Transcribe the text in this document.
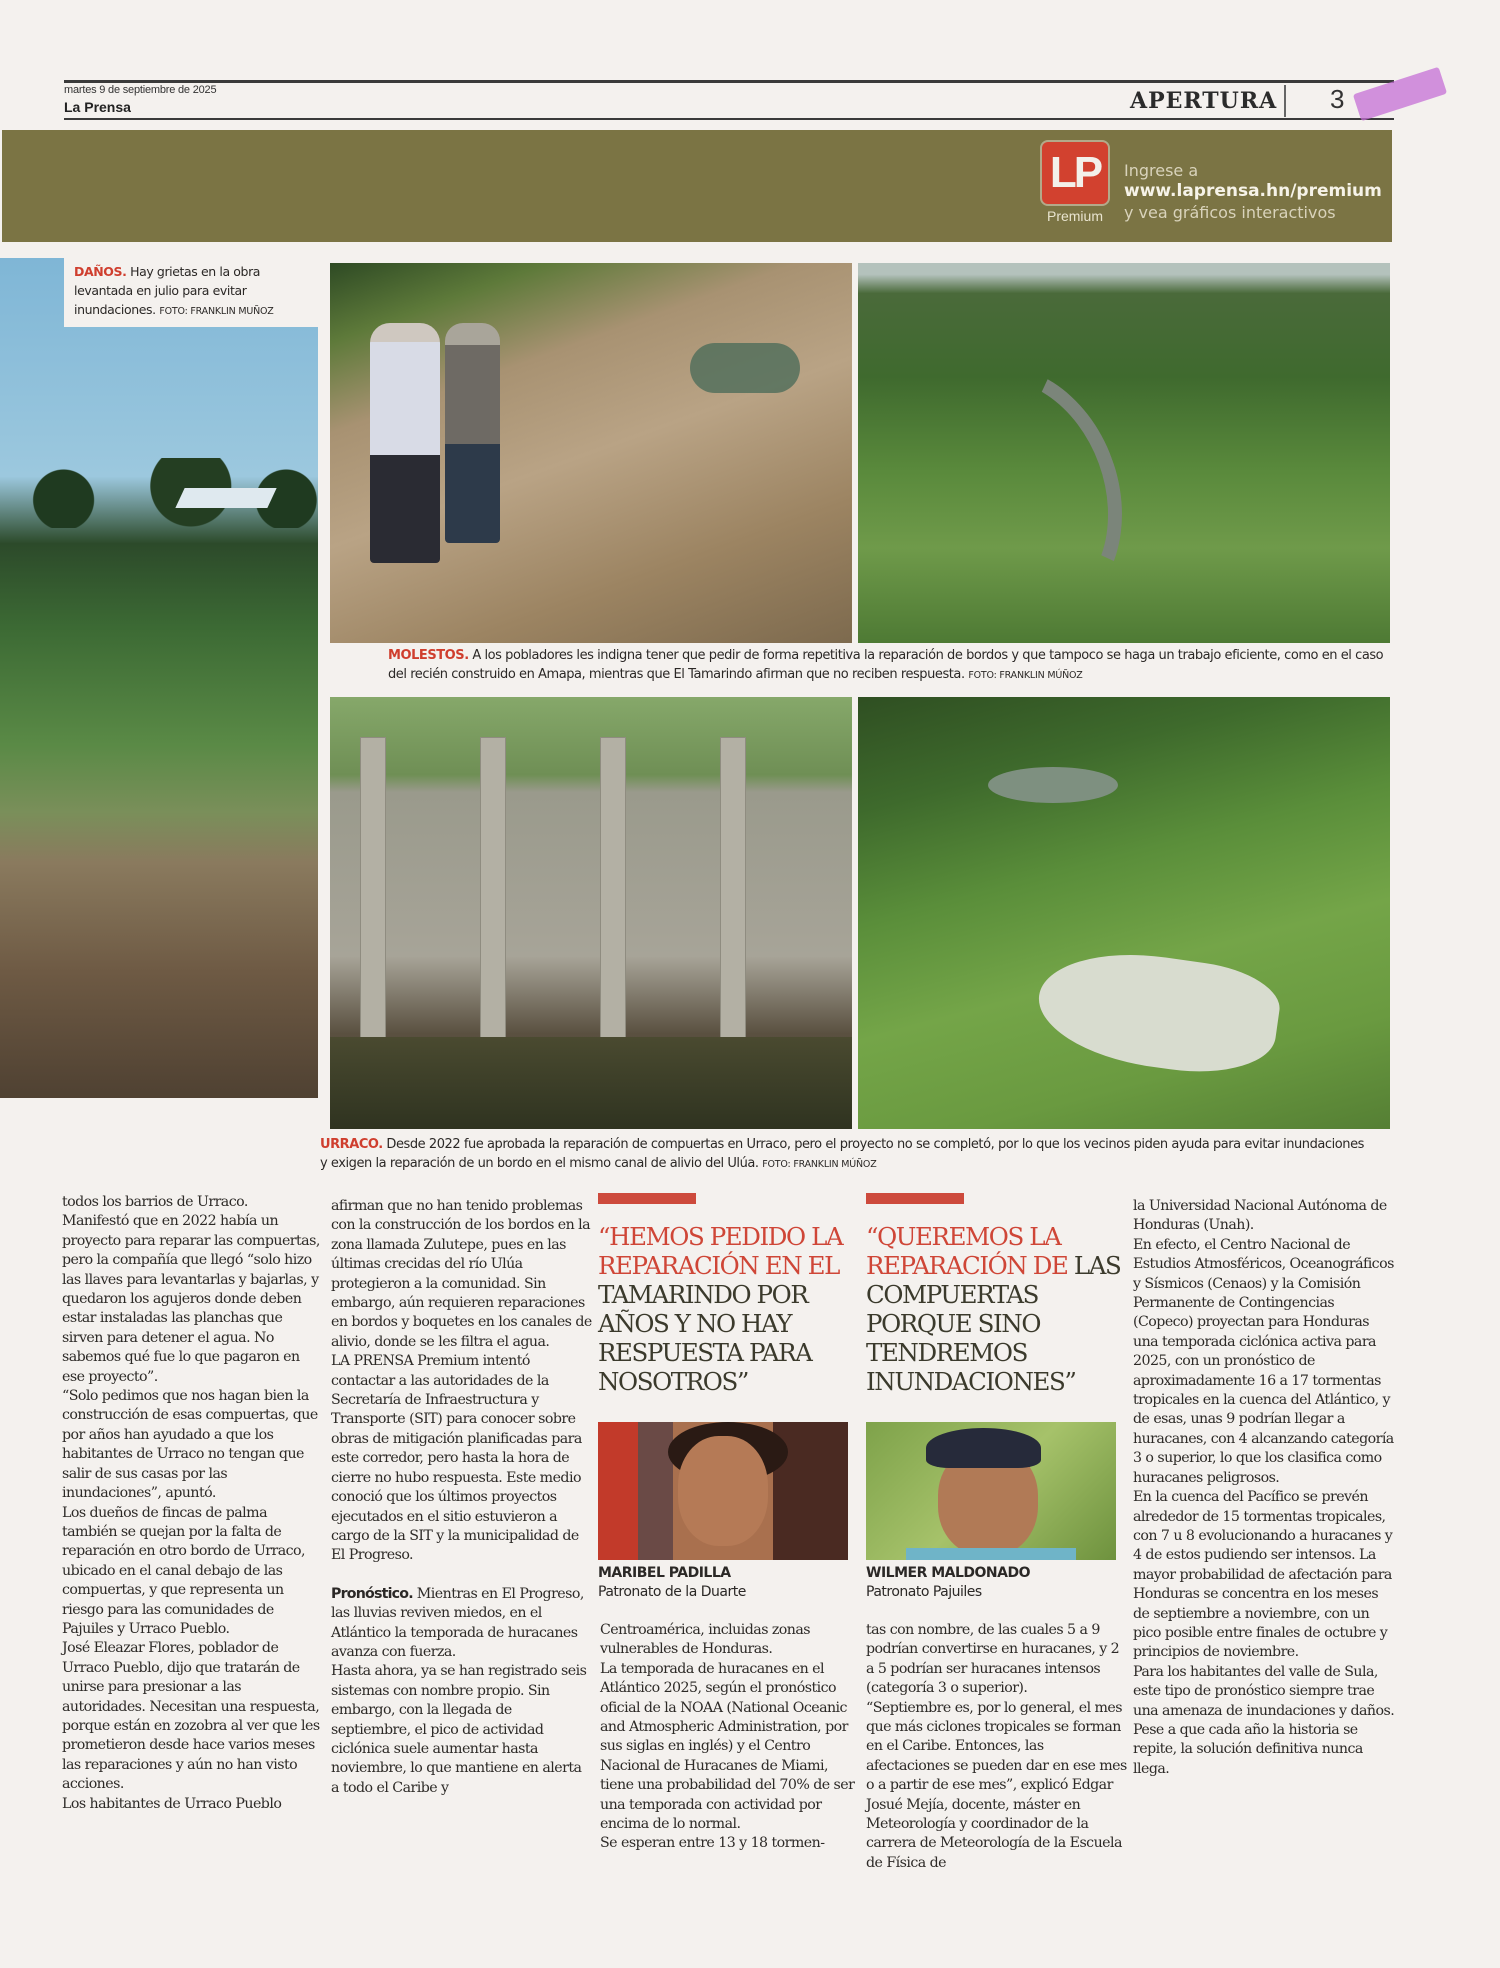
martes 9 de septiembre de 2025
La Prensa	APERTURA 3
LP
Premium
Ingrese a
www.laprensa.hn/premium
y vea gráficos interactivos
DAÑOS. Hay grietas en la obra levantada en julio para evitar inundaciones. FOTO: FRANKLIN MUÑOZ
MOLESTOS. A los pobladores les indigna tener que pedir de forma repetitiva la reparación de bordos y que tampoco se haga un trabajo eficiente, como en el caso del recién construido en Amapa, mientras que El Tamarindo afirman que no reciben respuesta. FOTO: FRANKLIN MÚÑOZ
URRACO. Desde 2022 fue aprobada la reparación de compuertas en Urraco, pero el proyecto no se completó, por lo que los vecinos piden ayuda para evitar inundaciones y exigen la reparación de un bordo en el mismo canal de alivio del Ulúa. FOTO: FRANKLIN MÚÑOZ

todos los barrios de Urraco.

Manifestó que en 2022 había un proyecto para reparar las compuertas, pero la compañía que llegó “solo hizo las llaves para levantarlas y bajarlas, y quedaron los agujeros donde deben estar instaladas las planchas que sirven para detener el agua. No sabemos qué fue lo que pagaron en ese proyecto”.

“Solo pedimos que nos hagan bien la construcción de esas compuertas, que por años han ayudado a que los habitantes de Urraco no tengan que salir de sus casas por las inundaciones”, apuntó.

Los dueños de fincas de palma también se quejan por la falta de reparación en otro bordo de Urraco, ubicado en el canal debajo de las compuertas, y que representa un riesgo para las comunidades de Pajuiles y Urraco Pueblo.

José Eleazar Flores, poblador de Urraco Pueblo, dijo que tratarán de unirse para presionar a las autoridades. Necesitan una respuesta, porque están en zozobra al ver que les prometieron desde hace varios meses las reparaciones y aún no han visto acciones.

Los habitantes de Urraco Pueblo

afirman que no han tenido problemas con la construcción de los bordos en la zona llamada Zulutepe, pues en las últimas crecidas del río Ulúa protegieron a la comunidad. Sin embargo, aún requieren reparaciones en bordos y boquetes en los canales de alivio, donde se les filtra el agua.

LA PRENSA Premium intentó contactar a las autoridades de la Secretaría de Infraestructura y Transporte (SIT) para conocer sobre obras de mitigación planificadas para este corredor, pero hasta la hora de cierre no hubo respuesta. Este medio conoció que los últimos proyectos ejecutados en el sitio estuvieron a cargo de la SIT y la municipalidad de El Progreso.

Pronóstico. Mientras en El Progreso, las lluvias reviven miedos, en el Atlántico la temporada de huracanes avanza con fuerza.

Hasta ahora, ya se han registrado seis sistemas con nombre propio. Sin embargo, con la llegada de septiembre, el pico de actividad ciclónica suele aumentar hasta noviembre, lo que mantiene en alerta a todo el Caribe y

“HEMOS PEDIDO LA REPARACIÓN EN EL TAMARINDO POR AÑOS Y NO HAY RESPUESTA PARA NOSOTROS”
“QUEREMOS LA REPARACIÓN DE LAS COMPUERTAS PORQUE SINO TENDREMOS INUNDACIONES”
MARIBEL PADILLA
Patronato de la Duarte
WILMER MALDONADO
Patronato Pajuiles

Centroamérica, incluidas zonas vulnerables de Honduras.

La temporada de huracanes en el Atlántico 2025, según el pronóstico oficial de la NOAA (National Oceanic and Atmospheric Administration, por sus siglas en inglés) y el Centro Nacional de Huracanes de Miami, tiene una probabilidad del 70% de ser una temporada con actividad por encima de lo normal.

Se esperan entre 13 y 18 tormen-

tas con nombre, de las cuales 5 a 9 podrían convertirse en huracanes, y 2 a 5 podrían ser huracanes intensos (categoría 3 o superior).

“Septiembre es, por lo general, el mes que más ciclones tropicales se forman en el Caribe. Entonces, las afectaciones se pueden dar en ese mes o a partir de ese mes”, explicó Edgar Josué Mejía, docente, máster en Meteorología y coordinador de la carrera de Meteorología de la Escuela de Física de

la Universidad Nacional Autónoma de Honduras (Unah).

En efecto, el Centro Nacional de Estudios Atmosféricos, Oceanográficos y Sísmicos (Cenaos) y la Comisión Permanente de Contingencias (Copeco) proyectan para Honduras una temporada ciclónica activa para 2025, con un pronóstico de aproximadamente 16 a 17 tormentas tropicales en la cuenca del Atlántico, y de esas, unas 9 podrían llegar a huracanes, con 4 alcanzando categoría 3 o superior, lo que los clasifica como huracanes peligrosos.

En la cuenca del Pacífico se prevén alrededor de 15 tormentas tropicales, con 7 u 8 evolucionando a huracanes y 4 de estos pudiendo ser intensos. La mayor probabilidad de afectación para Honduras se concentra en los meses de septiembre a noviembre, con un pico posible entre finales de octubre y principios de noviembre.

Para los habitantes del valle de Sula, este tipo de pronóstico siempre trae una amenaza de inundaciones y daños. Pese a que cada año la historia se repite, la solución definitiva nunca llega.
